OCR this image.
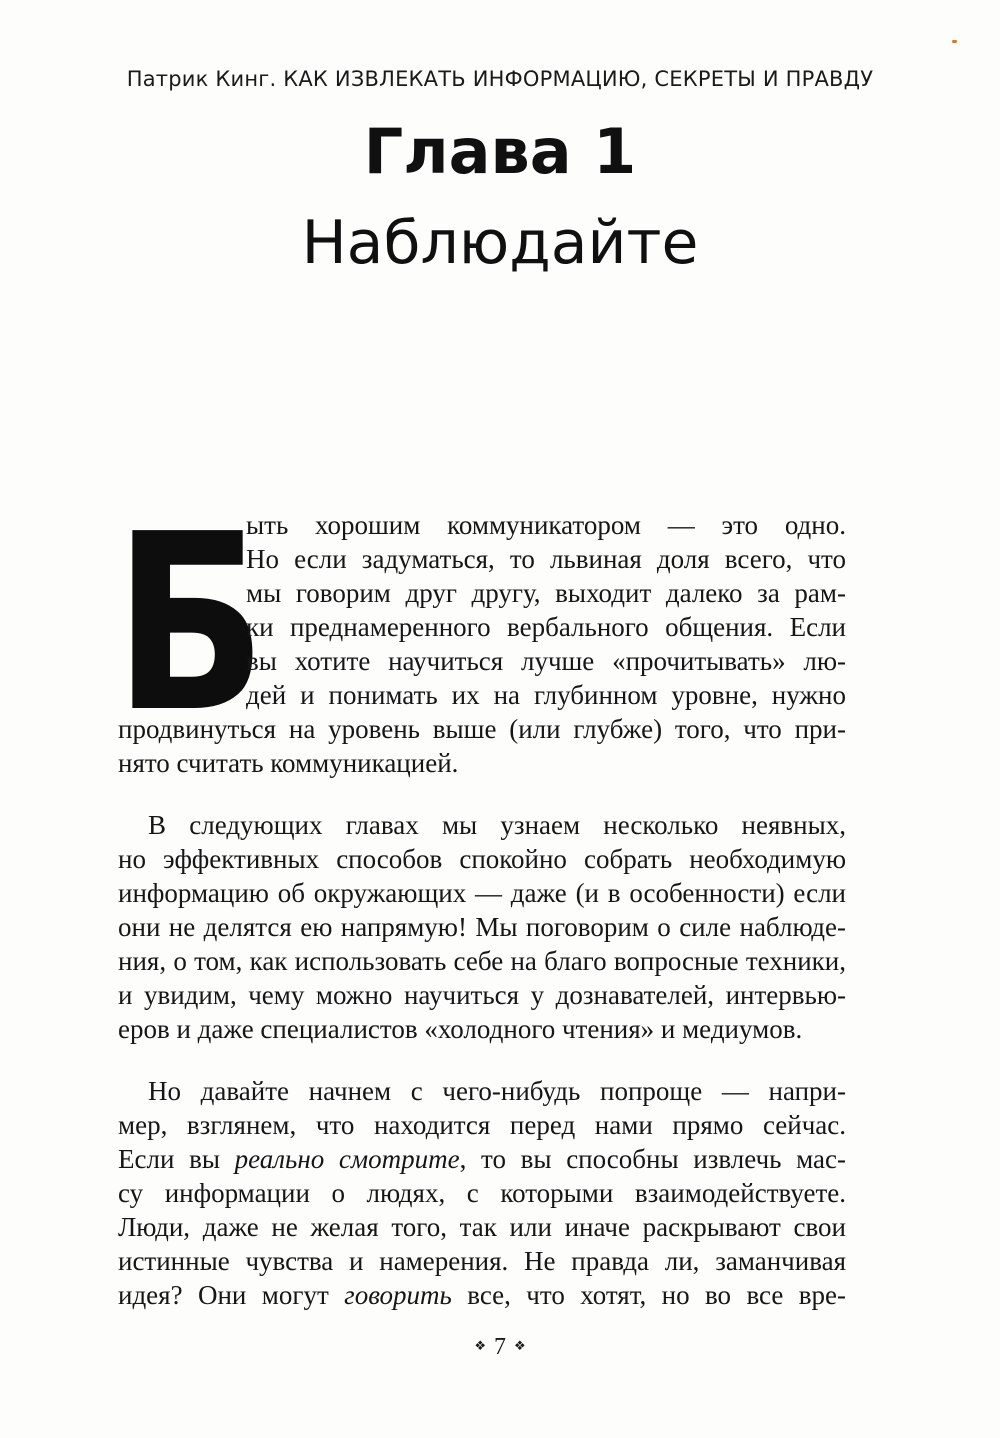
Патрик Кинг. КАК ИЗВЛЕКАТЬ ИНФОРМАЦИЮ, СЕКРЕТЫ И ПРАВДУ
Глава 1
Наблюдайте
Б
ыть хорошим коммуникатором — это одно.
Но если задуматься, то львиная доля всего, что
мы говорим друг другу, выходит далеко за рам-
ки преднамеренного вербального общения. Если
вы хотите научиться лучше «прочитывать» лю-
дей и понимать их на глубинном уровне, нужно
продвинуться на уровень выше (или глубже) того, что при-
нято считать коммуникацией.
В следующих главах мы узнаем несколько неявных,
но эффективных способов спокойно собрать необходимую
информацию об окружающих — даже (и в особенности) если
они не делятся ею напрямую! Мы поговорим о силе наблюде-
ния, о том, как использовать себе на благо вопросные техники,
и увидим, чему можно научиться у дознавателей, интервью-
еров и даже специалистов «холодного чтения» и медиумов.
Но давайте начнем с чего-нибудь попроще — напри-
мер, взглянем, что находится перед нами прямо сейчас.
Если вы реально смотрите, то вы способны извлечь мас-
су информации о людях, с которыми взаимодействуете.
Люди, даже не желая того, так или иначе раскрывают свои
истинные чувства и намерения. Не правда ли, заманчивая
идея? Они могут говорить все, что хотят, но во все вре-
❖ 7 ❖
